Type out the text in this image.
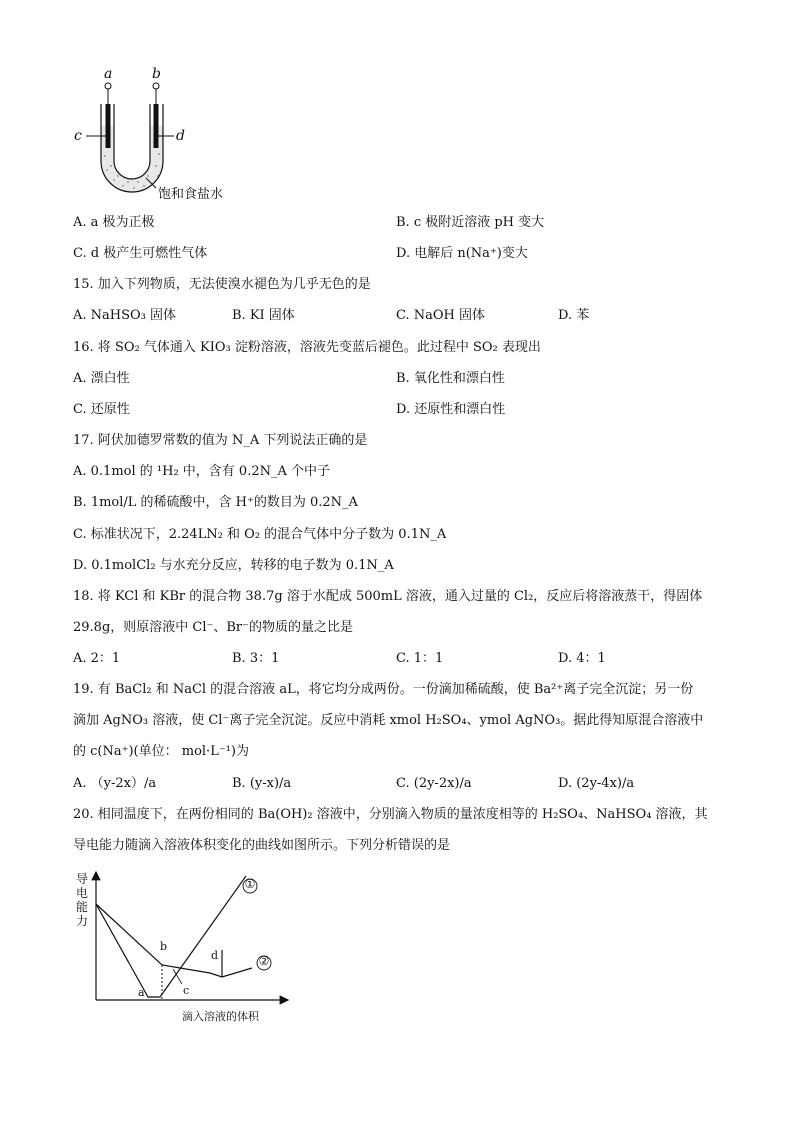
a	b
c	d
饱和食盐水
A. a 极为正极	B. c 极附近溶液 pH 变大
C. d 极产生可燃性气体	D. 电解后 n(Na⁺)变大
15. 加入下列物质，无法使溴水褪色为几乎无色的是
A. NaHSO₃ 固体	B. KI 固体	C. NaOH 固体	D. 苯
16. 将 SO₂ 气体通入 KIO₃ 淀粉溶液，溶液先变蓝后褪色。此过程中 SO₂ 表现出
A. 漂白性	B. 氧化性和漂白性
C. 还原性	D. 还原性和漂白性
17. 阿伏加德罗常数的值为 N_A 下列说法正确的是
A. 0.1mol 的 ¹H₂ 中，含有 0.2N_A 个中子
B. 1mol/L 的稀硫酸中，含 H⁺的数目为 0.2N_A
C. 标准状况下，2.24LN₂ 和 O₂ 的混合气体中分子数为 0.1N_A
D. 0.1molCl₂ 与水充分反应，转移的电子数为 0.1N_A
18. 将 KCl 和 KBr 的混合物 38.7g 溶于水配成 500mL 溶液，通入过量的 Cl₂，反应后将溶液蒸干，得固体
29.8g，则原溶液中 Cl⁻、Br⁻的物质的量之比是
A. 2：1	B. 3：1	C. 1：1	D. 4：1
19. 有 BaCl₂ 和 NaCl 的混合溶液 aL，将它均分成两份。一份滴加稀硫酸，使 Ba²⁺离子完全沉淀；另一份
滴加 AgNO₃ 溶液，使 Cl⁻离子完全沉淀。反应中消耗 xmol H₂SO₄、ymol AgNO₃。据此得知原混合溶液中
的 c(Na⁺)(单位： mol·L⁻¹)为
A. （y-2x）/a	B. (y-x)/a	C. (2y-2x)/a	D. (2y-4x)/a
20. 相同温度下，在两份相同的 Ba(OH)₂ 溶液中，分别滴入物质的量浓度相等的 H₂SO₄、NaHSO₄ 溶液，其
导电能力随滴入溶液体积变化的曲线如图所示。下列分析错误的是
导电能力
滴入溶液的体积
①
②
a
b
c
d
